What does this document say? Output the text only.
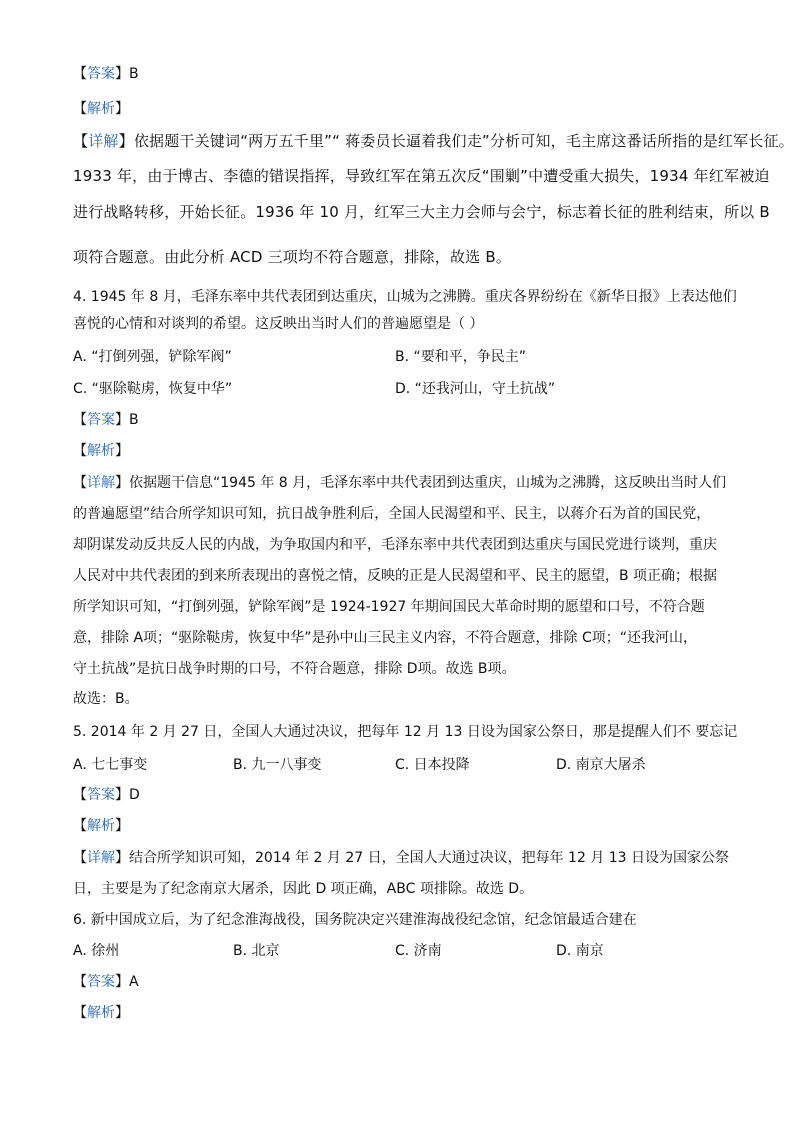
【答案】B
【解析】
【详解】依据题干关键词“两万五千里”“ 蒋委员长逼着我们走”分析可知，毛主席这番话所指的是红军长征。
1933 年，由于博古、李德的错误指挥，导致红军在第五次反“围剿”中遭受重大损失，1934 年红军被迫
进行战略转移，开始长征。1936 年 10 月，红军三大主力会师与会宁，标志着长征的胜利结束，所以 B
项符合题意。由此分析 ACD 三项均不符合题意，排除，故选 B。
4. 1945 年 8 月，毛泽东率中共代表团到达重庆，山城为之沸腾。重庆各界纷纷在《新华日报》上表达他们
喜悦的心情和对谈判的希望。这反映出当时人们的普遍愿望是（ ）
A. “打倒列强，铲除军阀”	B. “要和平，争民主”
C. “驱除鞑虏，恢复中华”	D. “还我河山，守土抗战”
【答案】B
【解析】
【详解】依据题干信息“1945 年 8 月，毛泽东率中共代表团到达重庆，山城为之沸腾，这反映出当时人们
的普遍愿望”结合所学知识可知，抗日战争胜利后，全国人民渴望和平、民主，以蒋介石为首的国民党，
却阴谋发动反共反人民的内战，为争取国内和平，毛泽东率中共代表团到达重庆与国民党进行谈判，重庆
人民对中共代表团的到来所表现出的喜悦之情，反映的正是人民渴望和平、民主的愿望，B 项正确；根据
所学知识可知，“打倒列强，铲除军阀”是 1924-1927 年期间国民大革命时期的愿望和口号，不符合题
意，排除 A项；“驱除鞑虏，恢复中华”是孙中山三民主义内容，不符合题意，排除 C项；“还我河山，
守土抗战”是抗日战争时期的口号，不符合题意，排除 D项。故选 B项。
故选：B。
5. 2014 年 2 月 27 日，全国人大通过决议，把每年 12 月 13 日设为国家公祭日，那是提醒人们不 要忘记
A. 七七事变	B. 九一八事变	C. 日本投降	D. 南京大屠杀
【答案】D
【解析】
【详解】结合所学知识可知，2014 年 2 月 27 日，全国人大通过决议，把每年 12 月 13 日设为国家公祭
日，主要是为了纪念南京大屠杀，因此 D 项正确，ABC 项排除。故选 D。
6. 新中国成立后，为了纪念淮海战役，国务院决定兴建淮海战役纪念馆，纪念馆最适合建在
A. 徐州	B. 北京	C. 济南	D. 南京
【答案】A
【解析】
